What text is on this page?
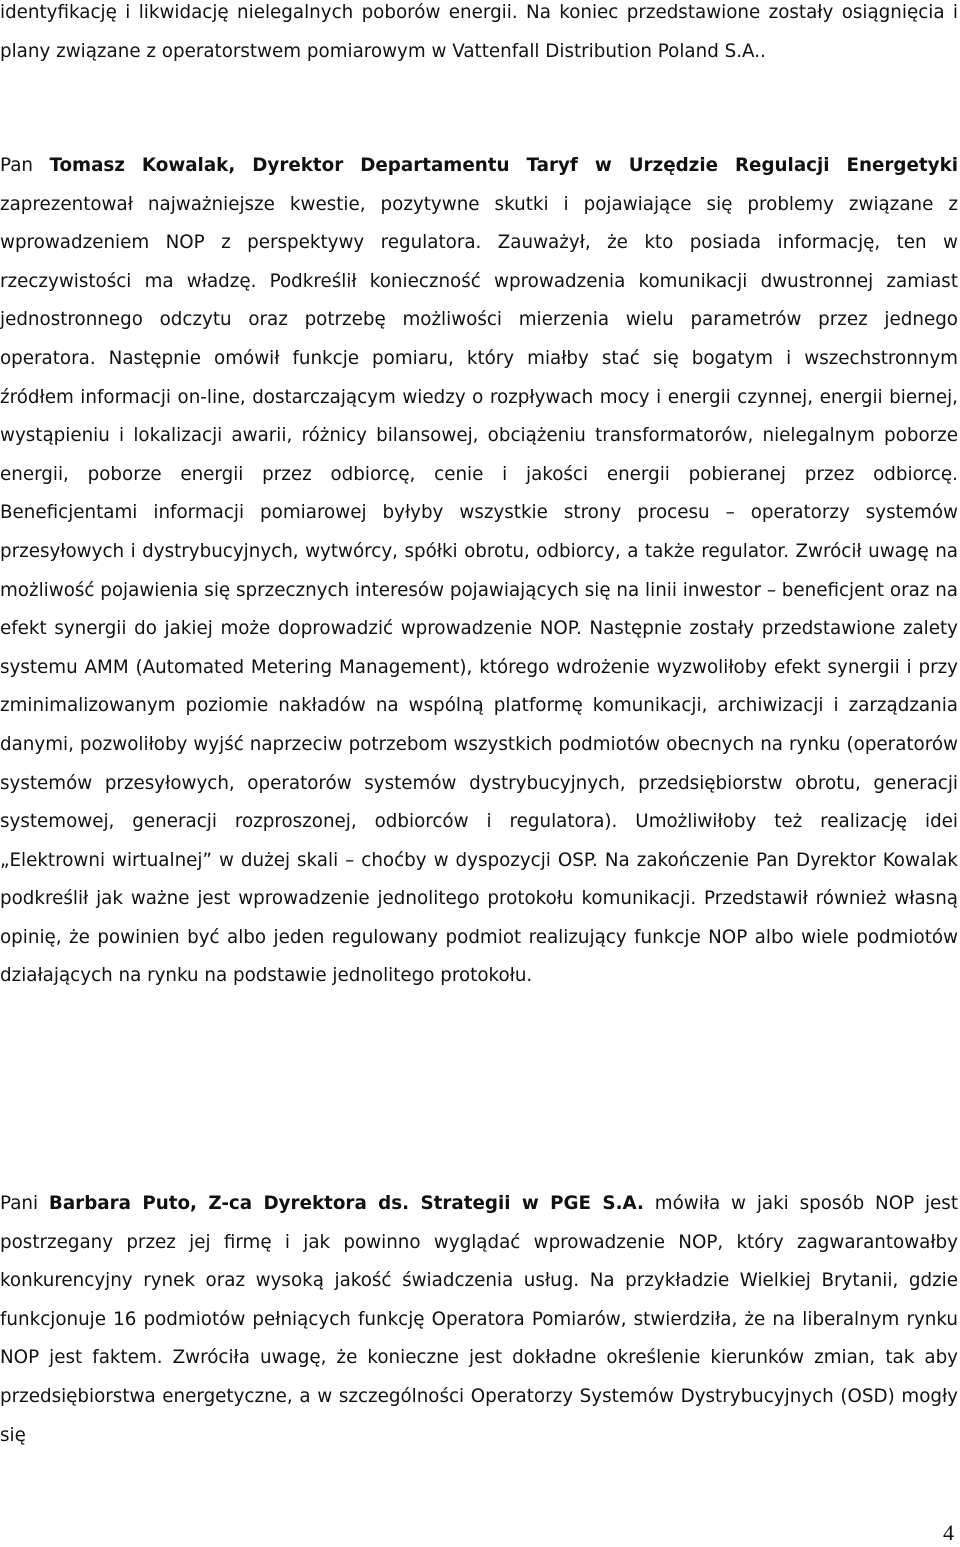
identyfikację i likwidację nielegalnych poborów energii. Na koniec przedstawione zostały osiągnięcia i plany związane z operatorstwem pomiarowym w Vattenfall Distribution Poland S.A..

Pan Tomasz Kowalak, Dyrektor Departamentu Taryf w Urzędzie Regulacji Energetyki zaprezentował najważniejsze kwestie, pozytywne skutki i pojawiające się problemy związane z wprowadzeniem NOP z perspektywy regulatora. Zauważył, że kto posiada informację, ten w rzeczywistości ma władzę. Podkreślił konieczność wprowadzenia komunikacji dwustronnej zamiast jednostronnego odczytu oraz potrzebę możliwości mierzenia wielu parametrów przez jednego operatora. Następnie omówił funkcje pomiaru, który miałby stać się bogatym i wszechstronnym źródłem informacji on-line, dostarczającym wiedzy o rozpływach mocy i energii czynnej, energii biernej, wystąpieniu i lokalizacji awarii, różnicy bilansowej, obciążeniu transformatorów, nielegalnym poborze energii, poborze energii przez odbiorcę, cenie i jakości energii pobieranej przez odbiorcę. Beneficjentami informacji pomiarowej byłyby wszystkie strony procesu – operatorzy systemów przesyłowych i dystrybucyjnych, wytwórcy, spółki obrotu, odbiorcy, a także regulator. Zwrócił uwagę na możliwość pojawienia się sprzecznych interesów pojawiających się na linii inwestor – beneficjent oraz na efekt synergii do jakiej może doprowadzić wprowadzenie NOP. Następnie zostały przedstawione zalety systemu AMM (Automated Metering Management), którego wdrożenie wyzwoliłoby efekt synergii i przy zminimalizowanym poziomie nakładów na wspólną platformę komunikacji, archiwizacji i zarządzania danymi, pozwoliłoby wyjść naprzeciw potrzebom wszystkich podmiotów obecnych na rynku (operatorów systemów przesyłowych, operatorów systemów dystrybucyjnych, przedsiębiorstw obrotu, generacji systemowej, generacji rozproszonej, odbiorców i regulatora). Umożliwiłoby też realizację idei „Elektrowni wirtualnej” w dużej skali – choćby w dyspozycji OSP. Na zakończenie Pan Dyrektor Kowalak podkreślił jak ważne jest wprowadzenie jednolitego protokołu komunikacji. Przedstawił również własną opinię, że powinien być albo jeden regulowany podmiot realizujący funkcje NOP albo wiele podmiotów działających na rynku na podstawie jednolitego protokołu.

Pani Barbara Puto, Z-ca Dyrektora ds. Strategii w PGE S.A. mówiła w jaki sposób NOP jest postrzegany przez jej firmę i jak powinno wyglądać wprowadzenie NOP, który zagwarantowałby konkurencyjny rynek oraz wysoką jakość świadczenia usług. Na przykładzie Wielkiej Brytanii, gdzie funkcjonuje 16 podmiotów pełniących funkcję Operatora Pomiarów, stwierdziła, że na liberalnym rynku NOP jest faktem. Zwróciła uwagę, że konieczne jest dokładne określenie kierunków zmian, tak aby przedsiębiorstwa energetyczne, a w szczególności Operatorzy Systemów Dystrybucyjnych (OSD) mogły się

4
